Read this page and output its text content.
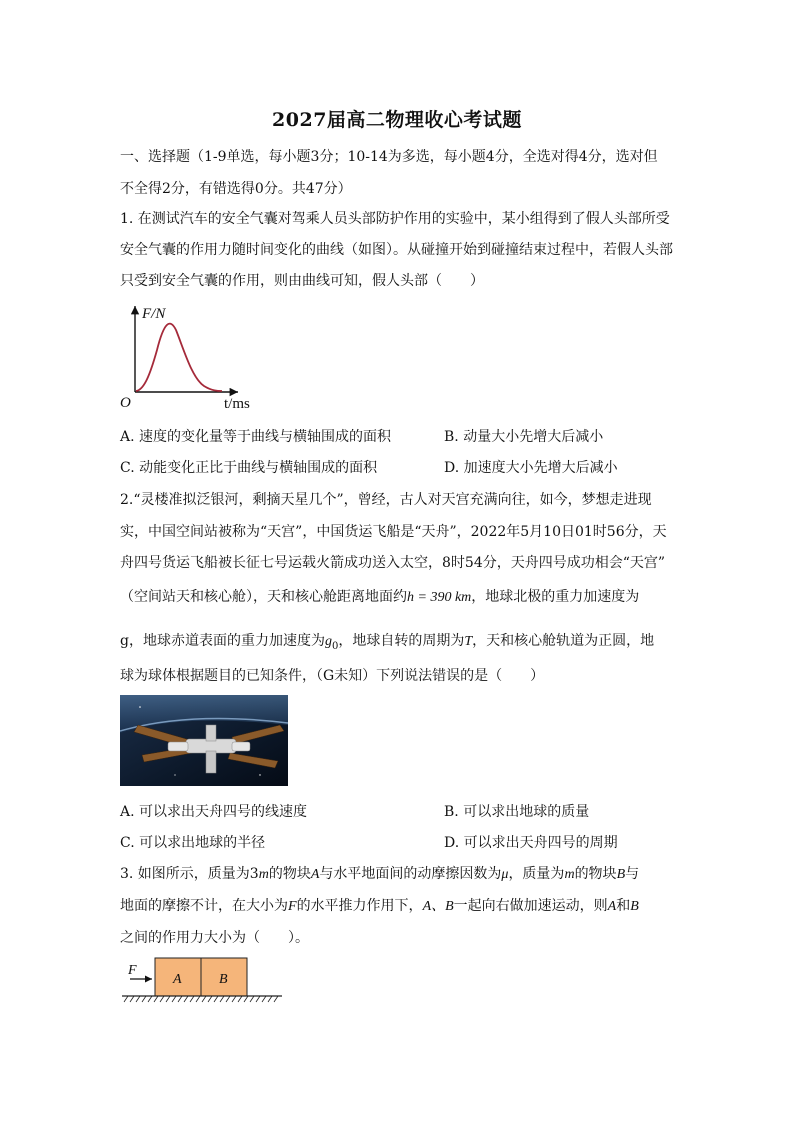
2027届高二物理收心考试题
一、选择题（1-9单选，每小题3分；10-14为多选，每小题4分，全选对得4分，选对但
不全得2分，有错选得0分。共47分）
1. 在测试汽车的安全气囊对驾乘人员头部防护作用的实验中，某小组得到了假人头部所受
安全气囊的作用力随时间变化的曲线（如图）。从碰撞开始到碰撞结束过程中，若假人头部
只受到安全气囊的作用，则由曲线可知，假人头部（　　）
F/N
O	t/ms
A. 速度的变化量等于曲线与横轴围成的面积	B. 动量大小先增大后减小
C. 动能变化正比于曲线与横轴围成的面积	D. 加速度大小先增大后减小
2.“灵楼准拟泛银河，剩摘天星几个”，曾经，古人对天宫充满向往，如今，梦想走进现
实，中国空间站被称为“天宫”，中国货运飞船是“天舟”，2022年5月10日01时56分，天
舟四号货运飞船被长征七号运载火箭成功送入太空，8时54分，天舟四号成功相会“天宫”
（空间站天和核心舱），天和核心舱距离地面约h = 390 km，地球北极的重力加速度为
g，地球赤道表面的重力加速度为$g_0$，地球自转的周期为T，天和核心舱轨道为正圆，地
球为球体根据题目的已知条件，（G未知）下列说法错误的是（　　）
A. 可以求出天舟四号的线速度	B. 可以求出地球的质量
C. 可以求出地球的半径	D. 可以求出天舟四号的周期
3. 如图所示，质量为3m的物块A与水平地面间的动摩擦因数为μ，质量为m的物块B与
地面的摩擦不计，在大小为F的水平推力作用下，A、B一起向右做加速运动，则A和B
之间的作用力大小为（　　）。
F
A	B
